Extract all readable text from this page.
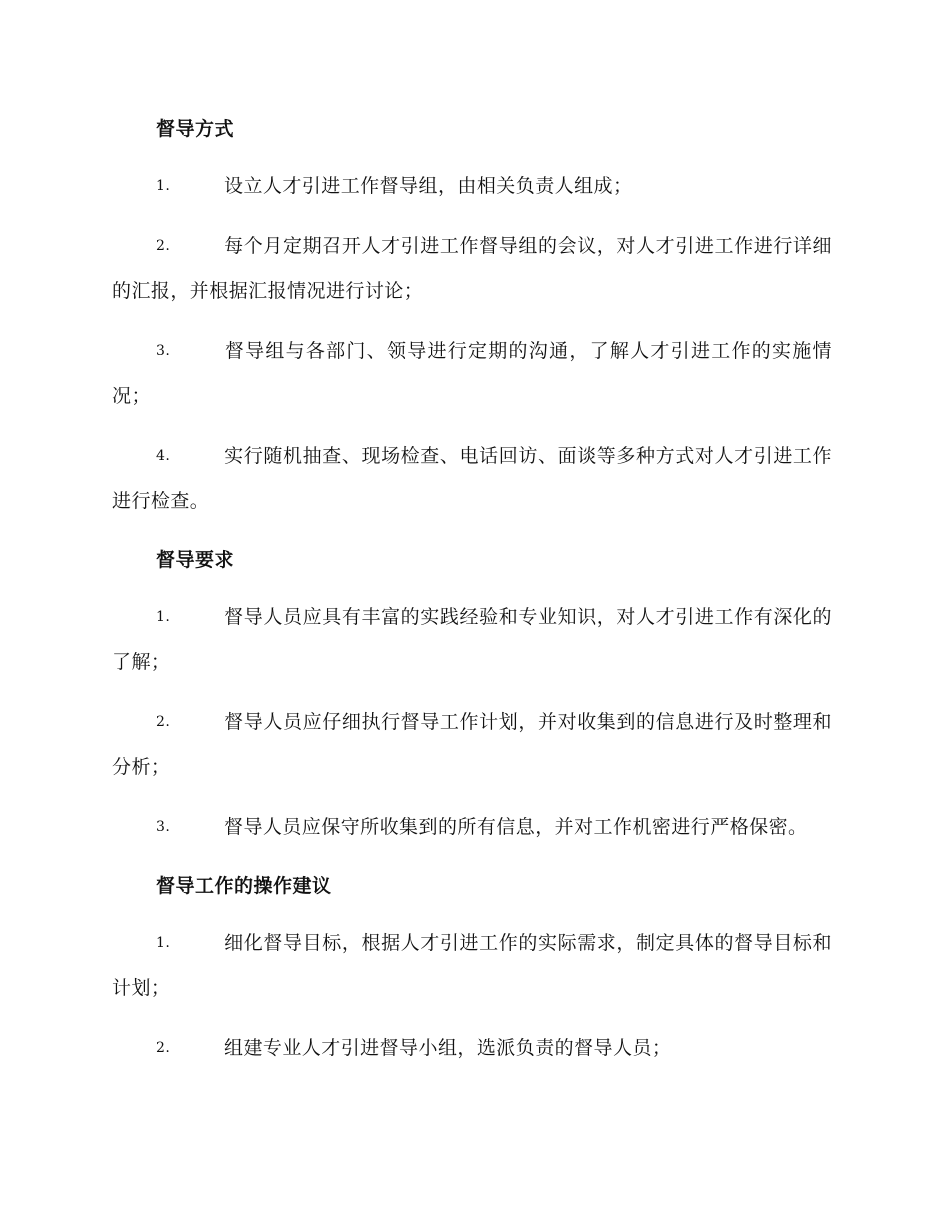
督导方式

1.	设立人才引进工作督导组，由相关负责人组成；

2.	每个月定期召开人才引进工作督导组的会议，对人才引进工作进行详细的汇报，并根据汇报情况进行讨论；

3.	督导组与各部门、领导进行定期的沟通，了解人才引进工作的实施情况；

4.	实行随机抽查、现场检查、电话回访、面谈等多种方式对人才引进工作进行检查。

督导要求

1.	督导人员应具有丰富的实践经验和专业知识，对人才引进工作有深化的了解；

2.	督导人员应仔细执行督导工作计划，并对收集到的信息进行及时整理和分析；

3.	督导人员应保守所收集到的所有信息，并对工作机密进行严格保密。

督导工作的操作建议

1.	细化督导目标，根据人才引进工作的实际需求，制定具体的督导目标和计划；

2.	组建专业人才引进督导小组，选派负责的督导人员；
